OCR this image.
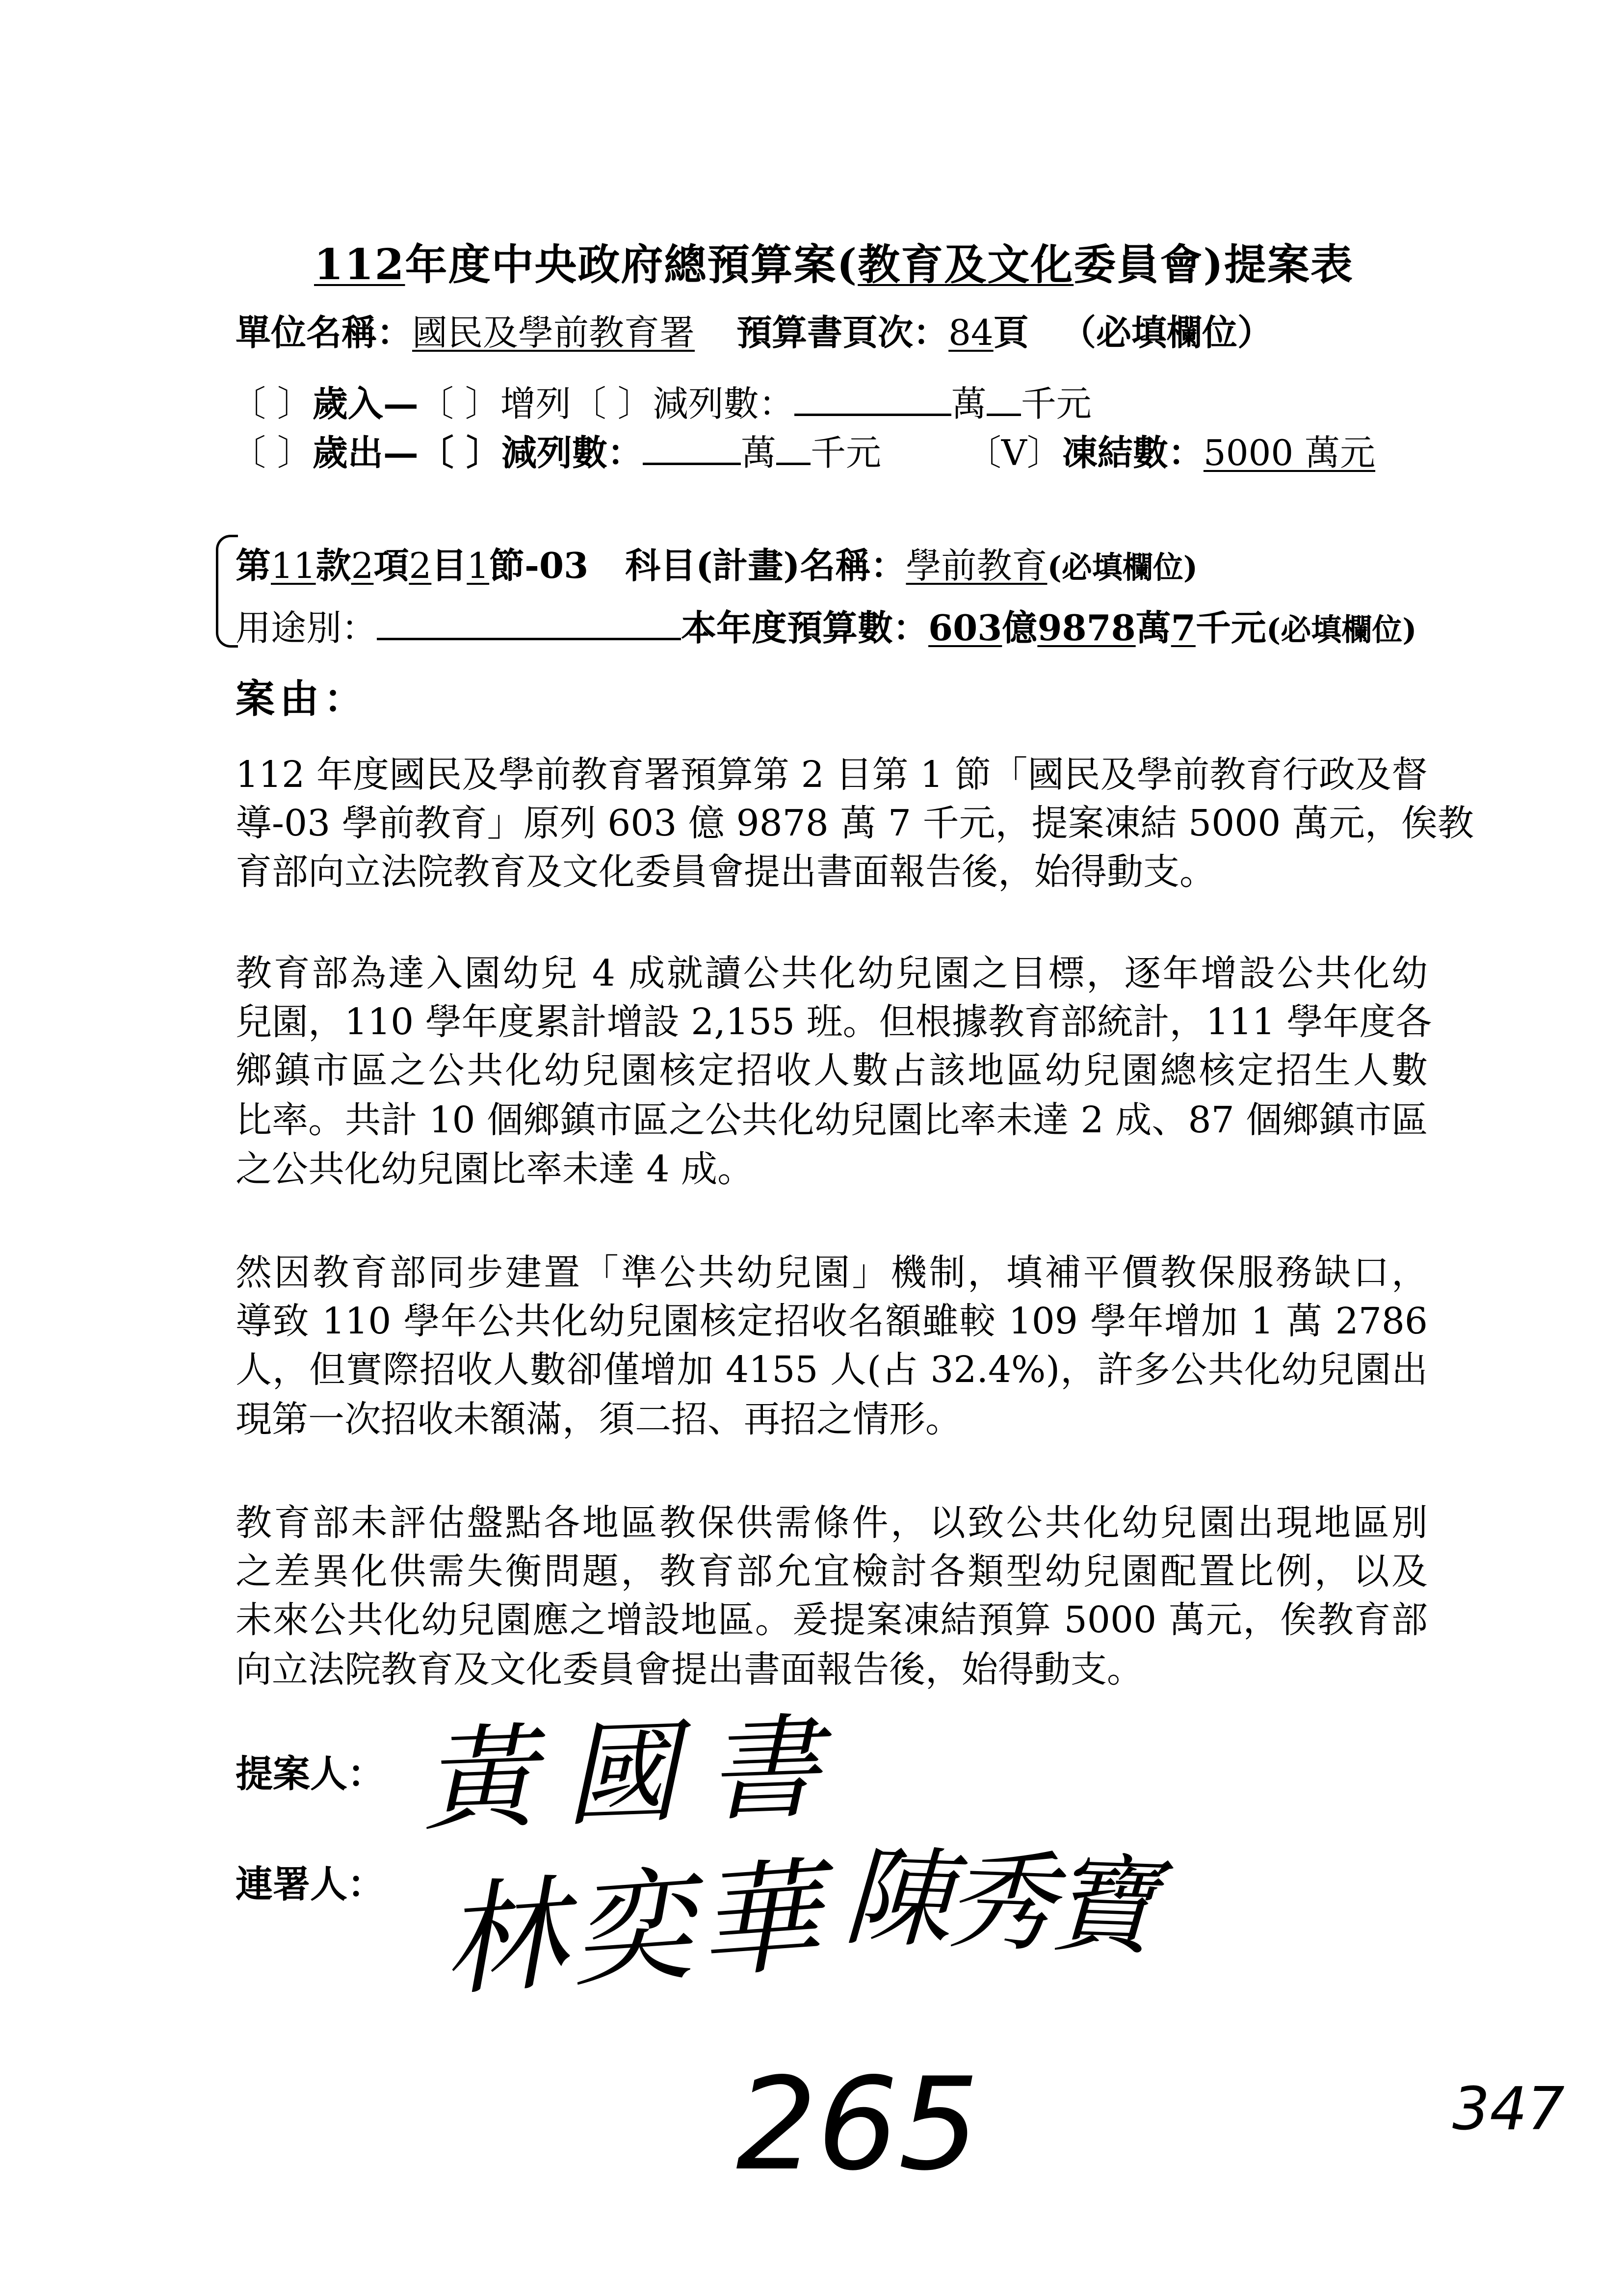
112年度中央政府總預算案(教育及文化委員會)提案表
單位名稱：國民及學前教育署 預算書頁次：84頁 （必填欄位）
〔 〕歲入—〔 〕增列〔 〕減列數：	萬 千元
〔 〕歲出—〔 〕減列數：	萬 千元 〔V〕凍結數：5000 萬元
第11款2項2目1節-03 科目(計畫)名稱：學前教育(必填欄位)
用途別：	本年度預算數：603億9878萬7千元(必填欄位)
案由：
112 年度國民及學前教育署預算第 2 目第 1 節「國民及學前教育行政及督
導-03 學前教育」原列 603 億 9878 萬 7 千元，提案凍結 5000 萬元，俟教
育部向立法院教育及文化委員會提出書面報告後，始得動支。
教育部為達入園幼兒 4 成就讀公共化幼兒園之目標，逐年增設公共化幼
兒園，110 學年度累計增設 2,155 班。但根據教育部統計，111 學年度各
鄉鎮市區之公共化幼兒園核定招收人數占該地區幼兒園總核定招生人數
比率。共計 10 個鄉鎮市區之公共化幼兒園比率未達 2 成、87 個鄉鎮市區
之公共化幼兒園比率未達 4 成。
然因教育部同步建置「準公共幼兒園」機制，填補平價教保服務缺口，
導致 110 學年公共化幼兒園核定招收名額雖較 109 學年增加 1 萬 2786
人，但實際招收人數卻僅增加 4155 人(占 32.4%)，許多公共化幼兒園出
現第一次招收未額滿，須二招、再招之情形。
教育部未評估盤點各地區教保供需條件，以致公共化幼兒園出現地區別
之差異化供需失衡問題，教育部允宜檢討各類型幼兒園配置比例，以及
未來公共化幼兒園應之增設地區。爰提案凍結預算 5000 萬元，俟教育部
向立法院教育及文化委員會提出書面報告後，始得動支。
提案人：
連署人：
黃國書
林奕華 陳秀寶
265	347
